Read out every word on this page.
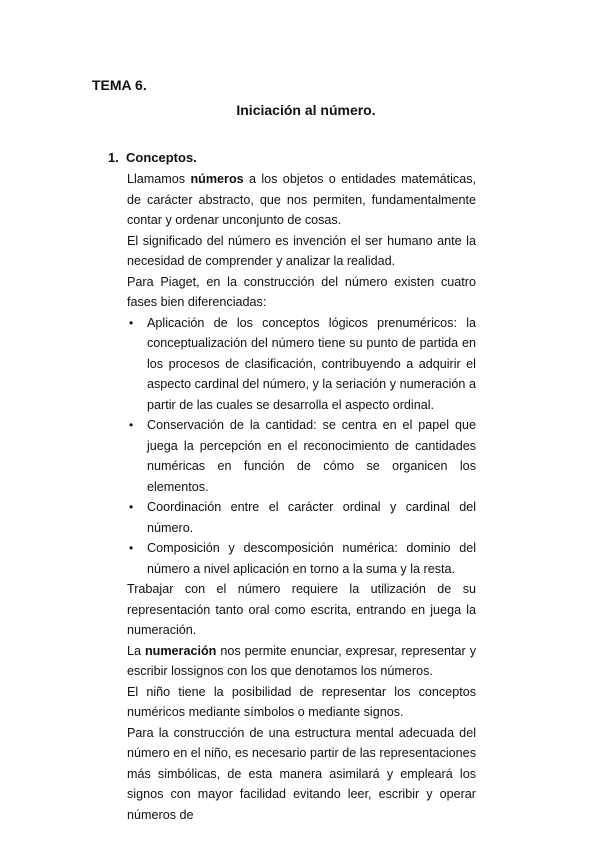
TEMA 6.
Iniciación al número.
1. Conceptos.

Llamamos números a los objetos o entidades matemáticas, de carácter abstracto, que nos permiten, fundamentalmente contar y ordenar unconjunto de cosas.

El significado del número es invención el ser humano ante la necesidad de comprender y analizar la realidad.

Para Piaget, en la construcción del número existen cuatro fases bien diferenciadas:

• Aplicación de los conceptos lógicos prenuméricos: la conceptualización del número tiene su punto de partida en los procesos de clasificación, contribuyendo a adquirir el aspecto cardinal del número, y la seriación y numeración a partir de las cuales se desarrolla el aspecto ordinal.
• Conservación de la cantidad: se centra en el papel que juega la percepción en el reconocimiento de cantidades numéricas en función de cómo se organicen los elementos.
• Coordinación entre el carácter ordinal y cardinal del número.
• Composición y descomposición numérica: dominio del número a nivel aplicación en torno a la suma y la resta.

Trabajar con el número requiere la utilización de su representación tanto oral como escrita, entrando en juega la numeración.

La numeración nos permite enunciar, expresar, representar y escribir lossignos con los que denotamos los números.

El niño tiene la posibilidad de representar los conceptos numéricos mediante símbolos o mediante signos.

Para la construcción de una estructura mental adecuada del número en el niño, es necesario partir de las representaciones más simbólicas, de esta manera asimilará y empleará los signos con mayor facilidad evitando leer, escribir y operar números de
